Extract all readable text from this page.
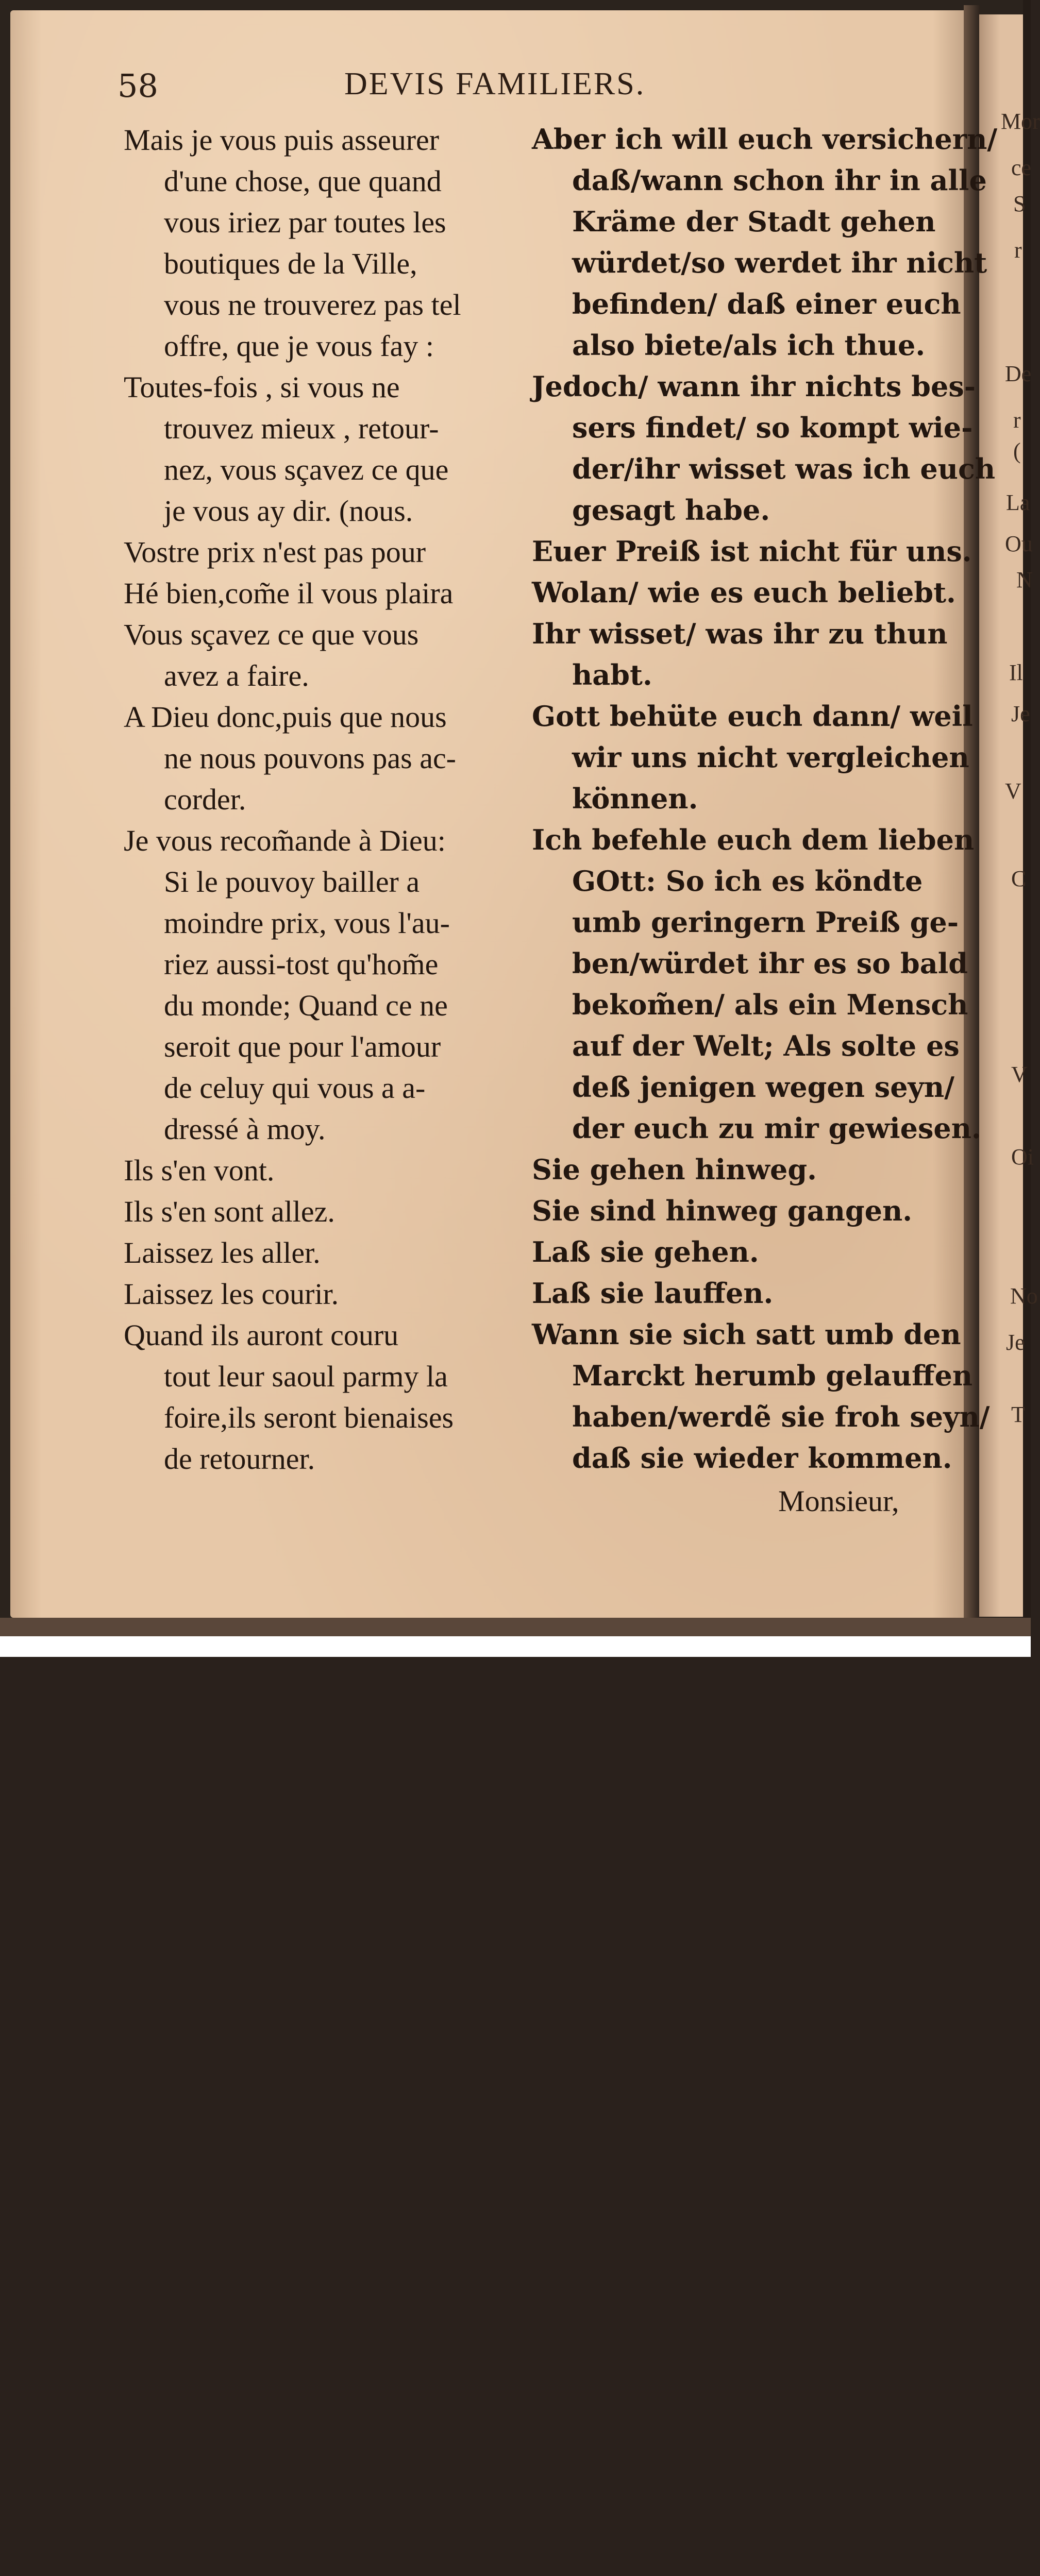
58	DEVIS FAMILIERS.
Mais je vous puis asseurer
d'une chose, que quand
vous iriez par toutes les
boutiques de la Ville,
vous ne trouverez pas tel
offre, que je vous fay :
Toutes-fois , si vous ne
trouvez mieux , retour-
nez, vous sçavez ce que
je vous ay dir. (nous.
Vostre prix n'est pas pour
Hé bien,com̃e il vous plaira
Vous sçavez ce que vous
avez a faire.
A Dieu donc,puis que nous
ne nous pouvons pas ac-
corder.
Je vous recom̃ande à Dieu:
Si le pouvoy bailler a
moindre prix, vous l'au-
riez aussi-tost qu'hom̃e
du monde; Quand ce ne
seroit que pour l'amour
de celuy qui vous a a-
dressé à moy.
Ils s'en vont.
Ils s'en sont allez.
Laissez les aller.
Laissez les courir.
Quand ils auront couru
tout leur saoul parmy la
foire,ils seront bienaises
de retourner.
Aber ich will euch versichern/
daß/wann schon ihr in alle
Kräme der Stadt gehen
würdet/so werdet ihr nicht
befinden/ daß einer euch
also biete/als ich thue.
Jedoch/ wann ihr nichts bes-
sers findet/ so kompt wie-
der/ihr wisset was ich euch
gesagt habe.
Euer Preiß ist nicht für uns.
Wolan/ wie es euch beliebt.
Ihr wisset/ was ihr zu thun
habt.
Gott behüte euch dann/ weil
wir uns nicht vergleichen
können.
Ich befehle euch dem lieben
GOtt: So ich es köndte
umb geringern Preiß ge-
ben/würdet ihr es so bald
bekom̃en/ als ein Mensch
auf der Welt; Als solte es
deß jenigen wegen seyn/
der euch zu mir gewiesen.
Sie gehen hinweg.
Sie sind hinweg gangen.
Laß sie gehen.
Laß sie lauffen.
Wann sie sich satt umb den
Marckt herumb gelauffen
haben/werdẽ sie froh seyn/
daß sie wieder kommen.
Mor
ce
S
r
De
r
(
La
Ou
N
Il
Je
V
C
V
Oi
No
Je
T
Monsieur,
